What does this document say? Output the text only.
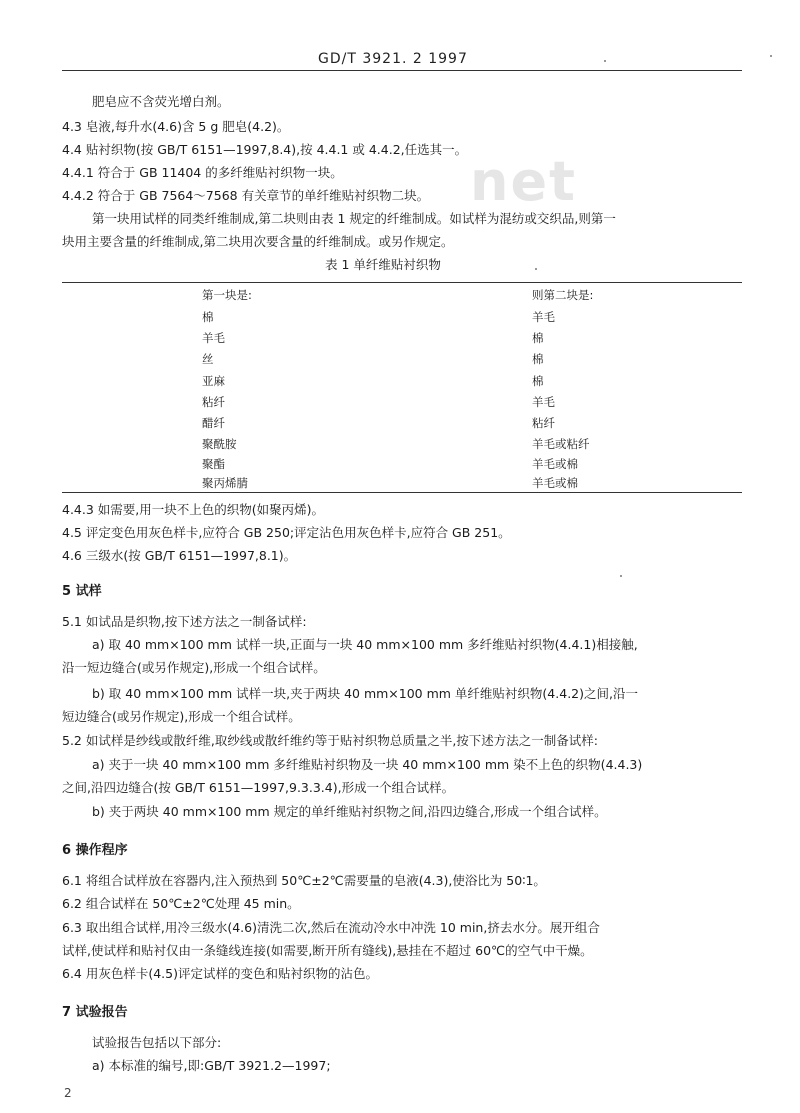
GD/T 3921. 2 1997
net
肥皂应不含荧光增白剂。
4.3 皂液,每升水(4.6)含 5 g 肥皂(4.2)。
4.4 贴衬织物(按 GB/T 6151—1997,8.4),按 4.4.1 或 4.4.2,任选其一。
4.4.1 符合于 GB 11404 的多纤维贴衬织物一块。
4.4.2 符合于 GB 7564～7568 有关章节的单纤维贴衬织物二块。
第一块用试样的同类纤维制成,第二块则由表 1 规定的纤维制成。如试样为混纺或交织品,则第一
块用主要含量的纤维制成,第二块用次要含量的纤维制成。或另作规定。
表 1 单纤维贴衬织物
第一块是:	则第二块是:
棉	羊毛
羊毛	棉
丝	棉
亚麻	棉
粘纤	羊毛
醋纤	粘纤
聚酰胺	羊毛或粘纤
聚酯	羊毛或棉
聚丙烯腈	羊毛或棉
4.4.3 如需要,用一块不上色的织物(如聚丙烯)。
4.5 评定变色用灰色样卡,应符合 GB 250;评定沾色用灰色样卡,应符合 GB 251。
4.6 三级水(按 GB/T 6151—1997,8.1)。
5 试样
5.1 如试品是织物,按下述方法之一制备试样:
a) 取 40 mm×100 mm 试样一块,正面与一块 40 mm×100 mm 多纤维贴衬织物(4.4.1)相接触,
沿一短边缝合(或另作规定),形成一个组合试样。
b) 取 40 mm×100 mm 试样一块,夹于两块 40 mm×100 mm 单纤维贴衬织物(4.4.2)之间,沿一
短边缝合(或另作规定),形成一个组合试样。
5.2 如试样是纱线或散纤维,取纱线或散纤维约等于贴衬织物总质量之半,按下述方法之一制备试样:
a) 夹于一块 40 mm×100 mm 多纤维贴衬织物及一块 40 mm×100 mm 染不上色的织物(4.4.3)
之间,沿四边缝合(按 GB/T 6151—1997,9.3.3.4),形成一个组合试样。
b) 夹于两块 40 mm×100 mm 规定的单纤维贴衬织物之间,沿四边缝合,形成一个组合试样。
6 操作程序
6.1 将组合试样放在容器内,注入预热到 50℃±2℃需要量的皂液(4.3),使浴比为 50∶1。
6.2 组合试样在 50℃±2℃处理 45 min。
6.3 取出组合试样,用冷三级水(4.6)清洗二次,然后在流动冷水中冲洗 10 min,挤去水分。展开组合
试样,使试样和贴衬仅由一条缝线连接(如需要,断开所有缝线),悬挂在不超过 60℃的空气中干燥。
6.4 用灰色样卡(4.5)评定试样的变色和贴衬织物的沾色。
7 试验报告
试验报告包括以下部分:
a) 本标准的编号,即:GB/T 3921.2—1997;
2
